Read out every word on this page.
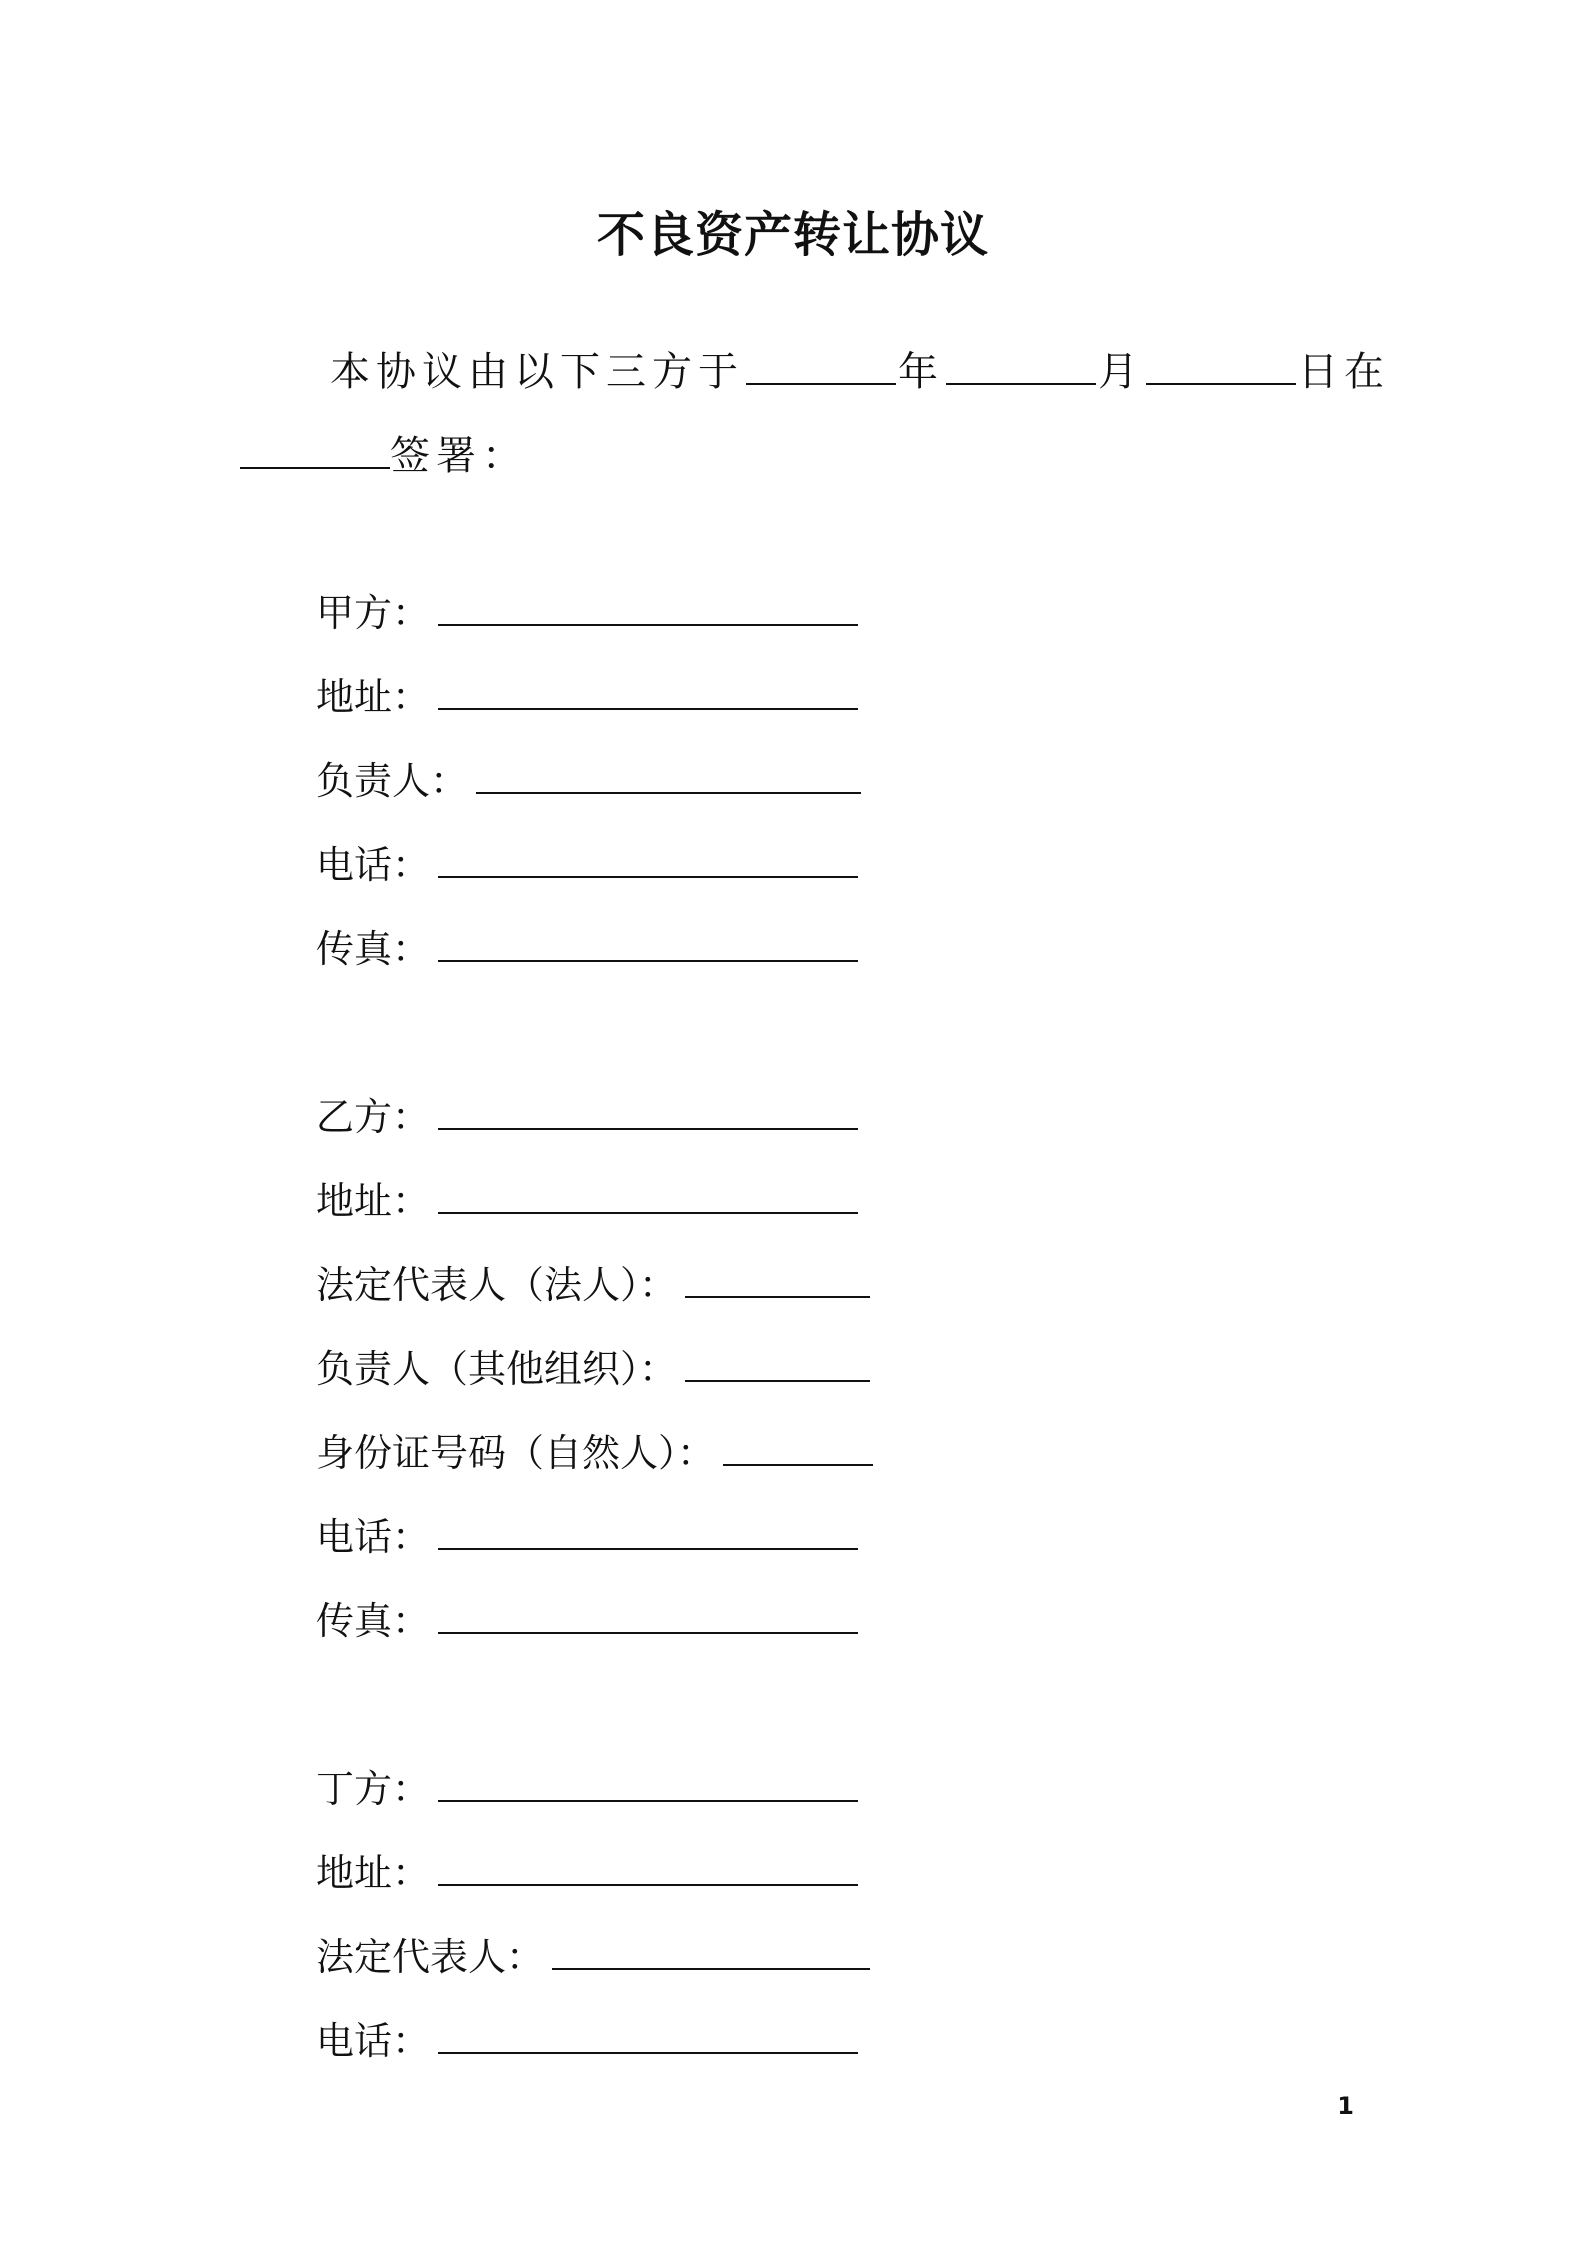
不良资产转让协议
本协议由以下三方于	年	月	日在
签署：
甲方：
地址：
负责人：
电话：
传真：
乙方：
地址：
法定代表人（法人）：
负责人（其他组织）：
身份证号码（自然人）：
电话：
传真：
丁方：
地址：
法定代表人：
电话：
1
